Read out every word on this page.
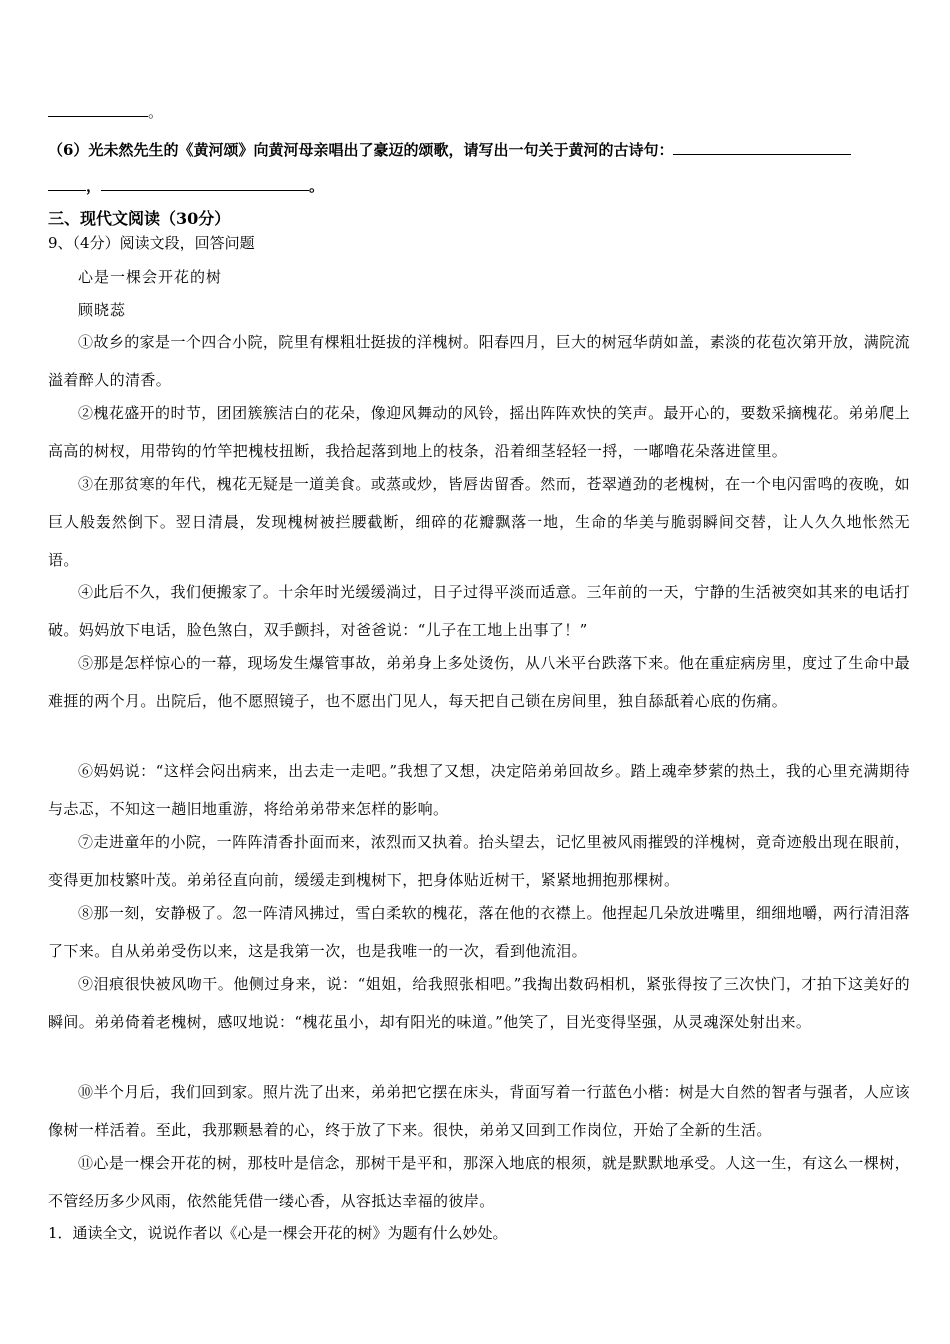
。
（6）光未然先生的《黄河颂》向黄河母亲唱出了豪迈的颂歌，请写出一句关于黄河的古诗句：
，	。
三、现代文阅读（30分）
9、（4分）阅读文段，回答问题
心是一棵会开花的树
顾晓蕊

①故乡的家是一个四合小院，院里有棵粗壮挺拔的洋槐树。阳春四月，巨大的树冠华荫如盖，素淡的花苞次第开放，满院流溢着醉人的清香。

②槐花盛开的时节，团团簇簇洁白的花朵，像迎风舞动的风铃，摇出阵阵欢快的笑声。最开心的，要数采摘槐花。弟弟爬上高高的树杈，用带钩的竹竿把槐枝扭断，我拾起落到地上的枝条，沿着细茎轻轻一捋，一嘟噜花朵落进筐里。

③在那贫寒的年代，槐花无疑是一道美食。或蒸或炒，皆唇齿留香。然而，苍翠遒劲的老槐树，在一个电闪雷鸣的夜晚，如巨人般轰然倒下。翌日清晨，发现槐树被拦腰截断，细碎的花瓣飘落一地，生命的华美与脆弱瞬间交替，让人久久地怅然无语。

④此后不久，我们便搬家了。十余年时光缓缓淌过，日子过得平淡而适意。三年前的一天，宁静的生活被突如其来的电话打破。妈妈放下电话，脸色煞白，双手颤抖，对爸爸说：“儿子在工地上出事了！”

⑤那是怎样惊心的一幕，现场发生爆管事故，弟弟身上多处烫伤，从八米平台跌落下来。他在重症病房里，度过了生命中最难捱的两个月。出院后，他不愿照镜子，也不愿出门见人，每天把自己锁在房间里，独自舔舐着心底的伤痛。

⑥妈妈说：“这样会闷出病来，出去走一走吧。”我想了又想，决定陪弟弟回故乡。踏上魂牵梦萦的热土，我的心里充满期待与忐忑，不知这一趟旧地重游，将给弟弟带来怎样的影响。

⑦走进童年的小院，一阵阵清香扑面而来，浓烈而又执着。抬头望去，记忆里被风雨摧毁的洋槐树，竟奇迹般出现在眼前，变得更加枝繁叶茂。弟弟径直向前，缓缓走到槐树下，把身体贴近树干，紧紧地拥抱那棵树。

⑧那一刻，安静极了。忽一阵清风拂过，雪白柔软的槐花，落在他的衣襟上。他捏起几朵放进嘴里，细细地嚼，两行清泪落了下来。自从弟弟受伤以来，这是我第一次，也是我唯一的一次，看到他流泪。

⑨泪痕很快被风吻干。他侧过身来，说：“姐姐，给我照张相吧。”我掏出数码相机，紧张得按了三次快门，才拍下这美好的瞬间。弟弟倚着老槐树，感叹地说：“槐花虽小，却有阳光的味道。”他笑了，目光变得坚强，从灵魂深处射出来。

⑩半个月后，我们回到家。照片洗了出来，弟弟把它摆在床头，背面写着一行蓝色小楷：树是大自然的智者与强者，人应该像树一样活着。至此，我那颗悬着的心，终于放了下来。很快，弟弟又回到工作岗位，开始了全新的生活。

⑪心是一棵会开花的树，那枝叶是信念，那树干是平和，那深入地底的根须，就是默默地承受。人这一生，有这么一棵树，不管经历多少风雨，依然能凭借一缕心香，从容抵达幸福的彼岸。

1．通读全文，说说作者以《心是一棵会开花的树》为题有什么妙处。
